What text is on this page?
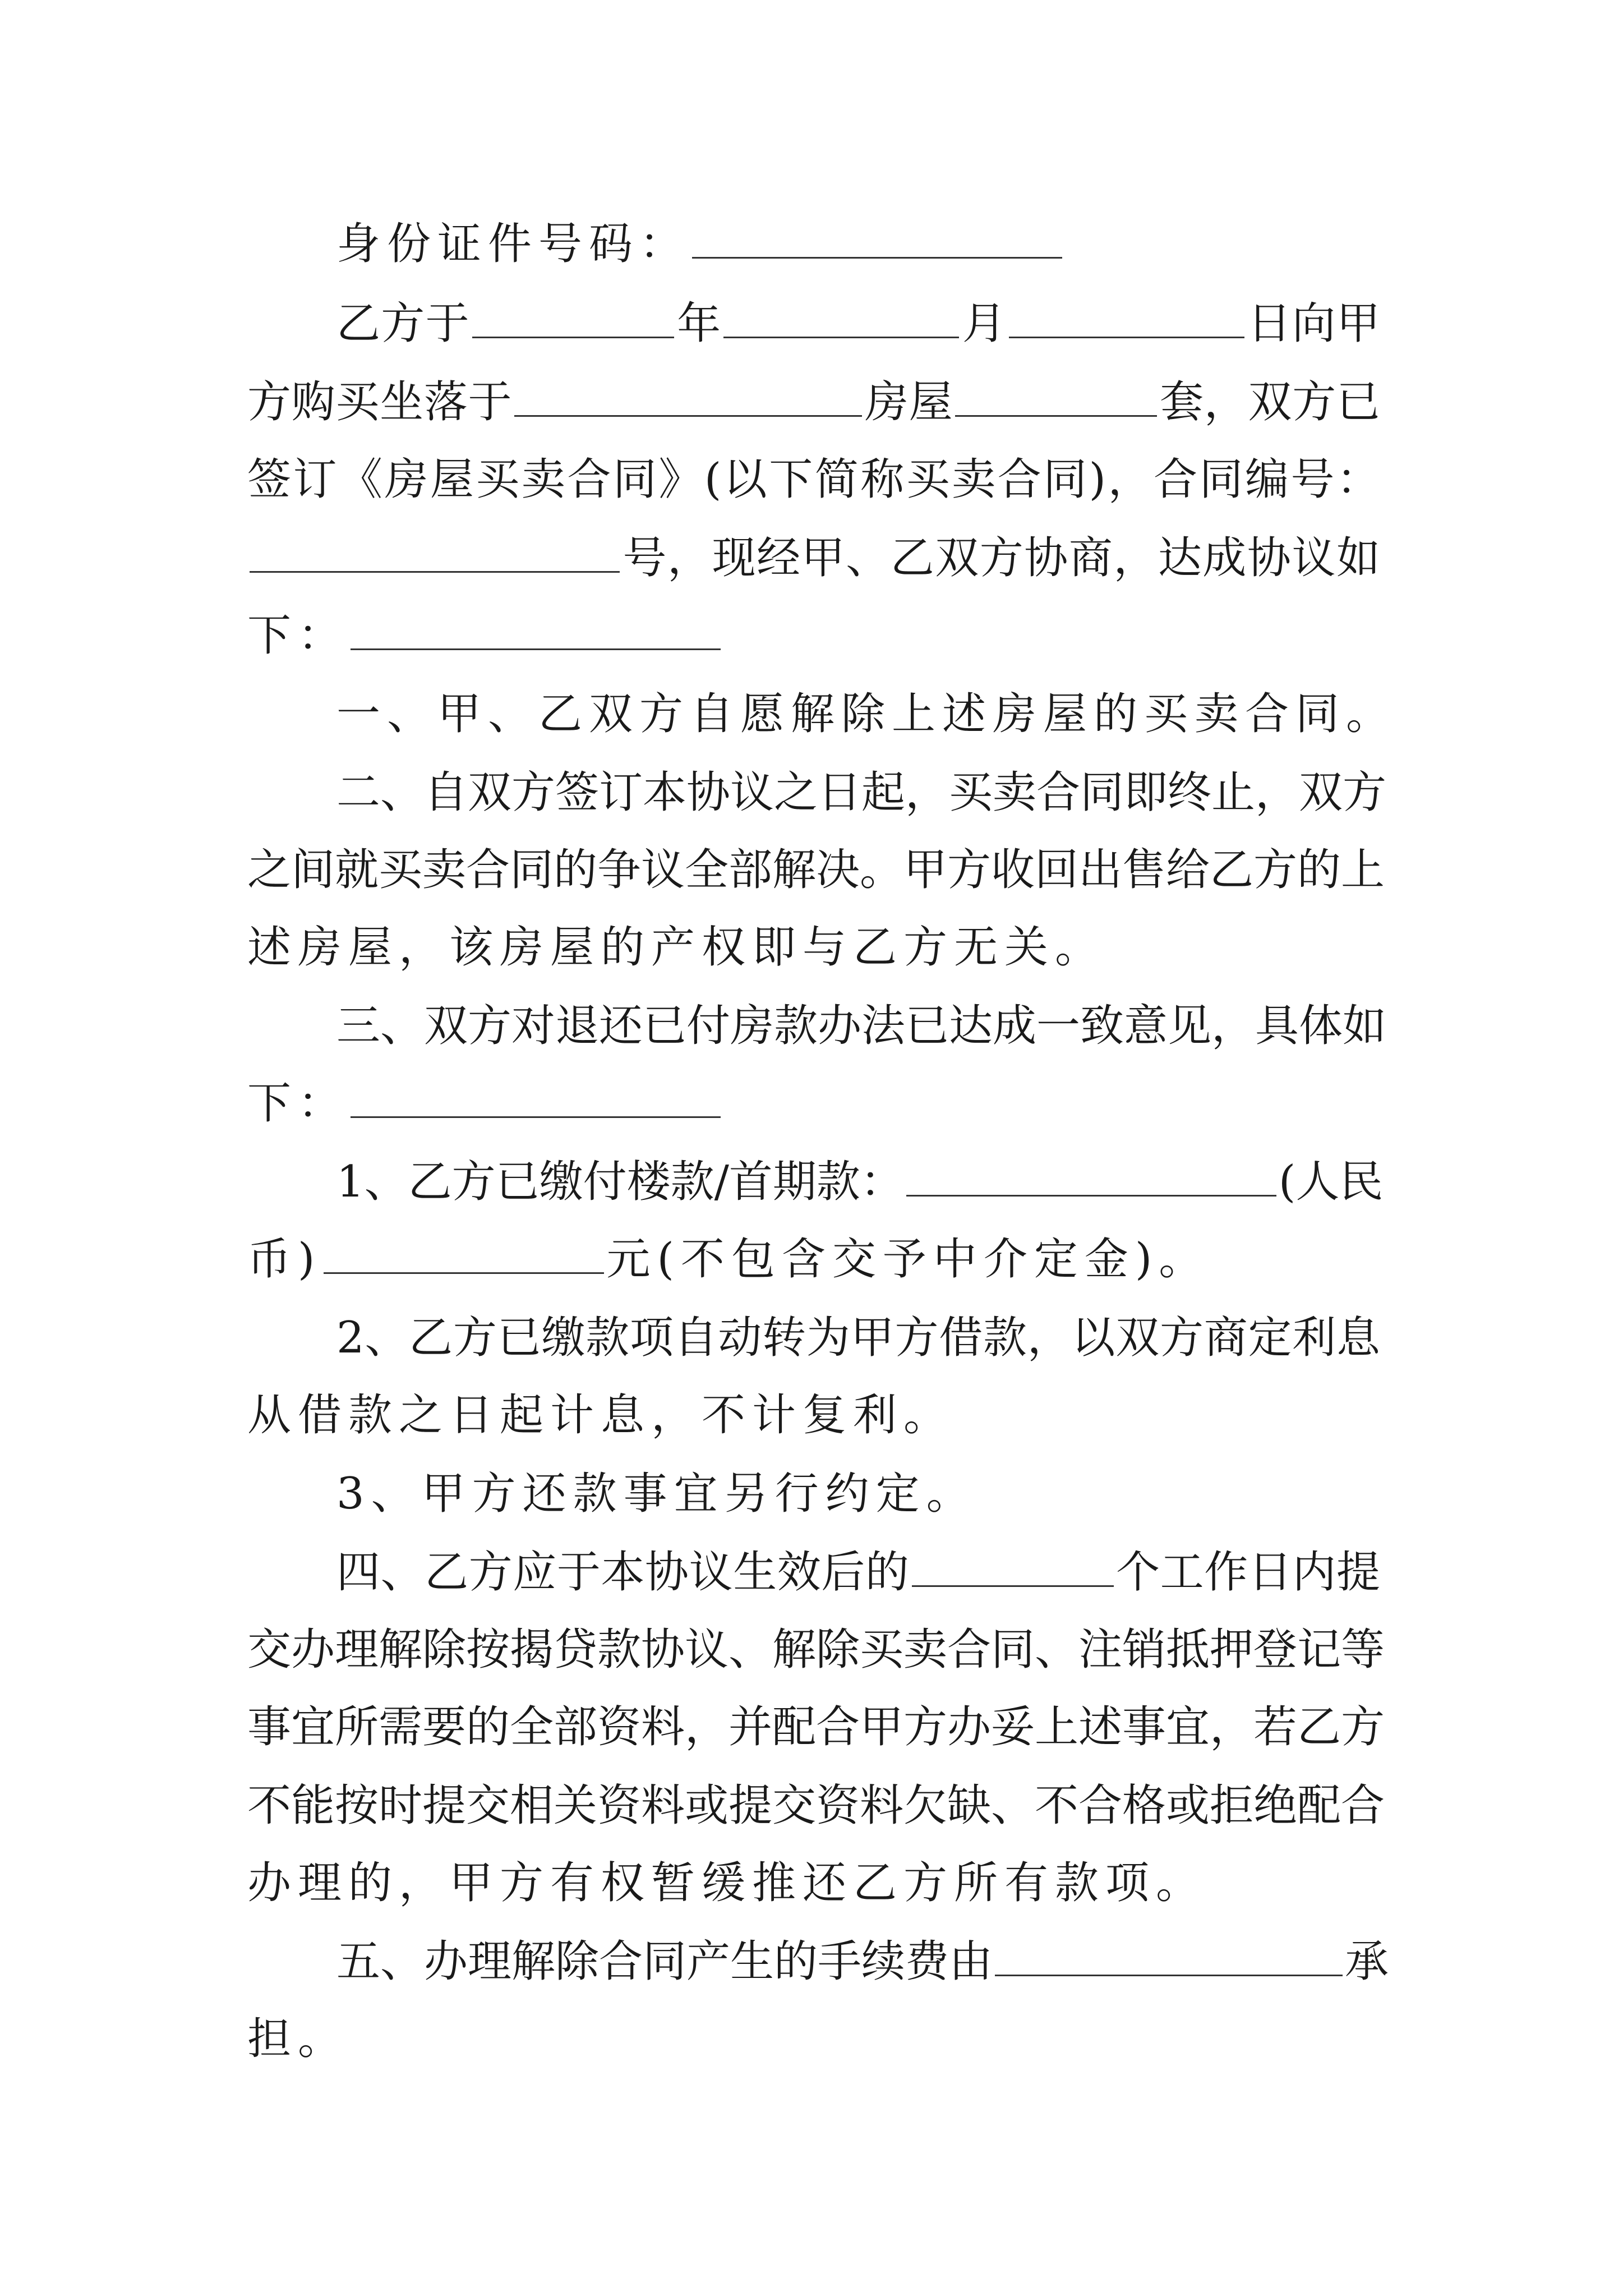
身份证件号码：
乙方于	年	月	日向甲
方购买坐落于	房屋	套，双方已
签订《房屋买卖合同》(以下简称买卖合同)，合同编号：
号，现经甲、乙双方协商，达成协议如
下：
一、甲、乙双方自愿解除上述房屋的买卖合同。
二、自双方签订本协议之日起，买卖合同即终止，双方
之间就买卖合同的争议全部解决。甲方收回出售给乙方的上
述房屋，该房屋的产权即与乙方无关。
三、双方对退还已付房款办法已达成一致意见，具体如
下：
1、乙方已缴付楼款/首期款：	(人民
币)	元(不包含交予中介定金)。
2、乙方已缴款项自动转为甲方借款，以双方商定利息
从借款之日起计息，不计复利。
3、甲方还款事宜另行约定。
四、乙方应于本协议生效后的	个工作日内提
交办理解除按揭贷款协议、解除买卖合同、注销抵押登记等
事宜所需要的全部资料，并配合甲方办妥上述事宜，若乙方
不能按时提交相关资料或提交资料欠缺、不合格或拒绝配合
办理的，甲方有权暂缓推还乙方所有款项。
五、办理解除合同产生的手续费由	承
担。
